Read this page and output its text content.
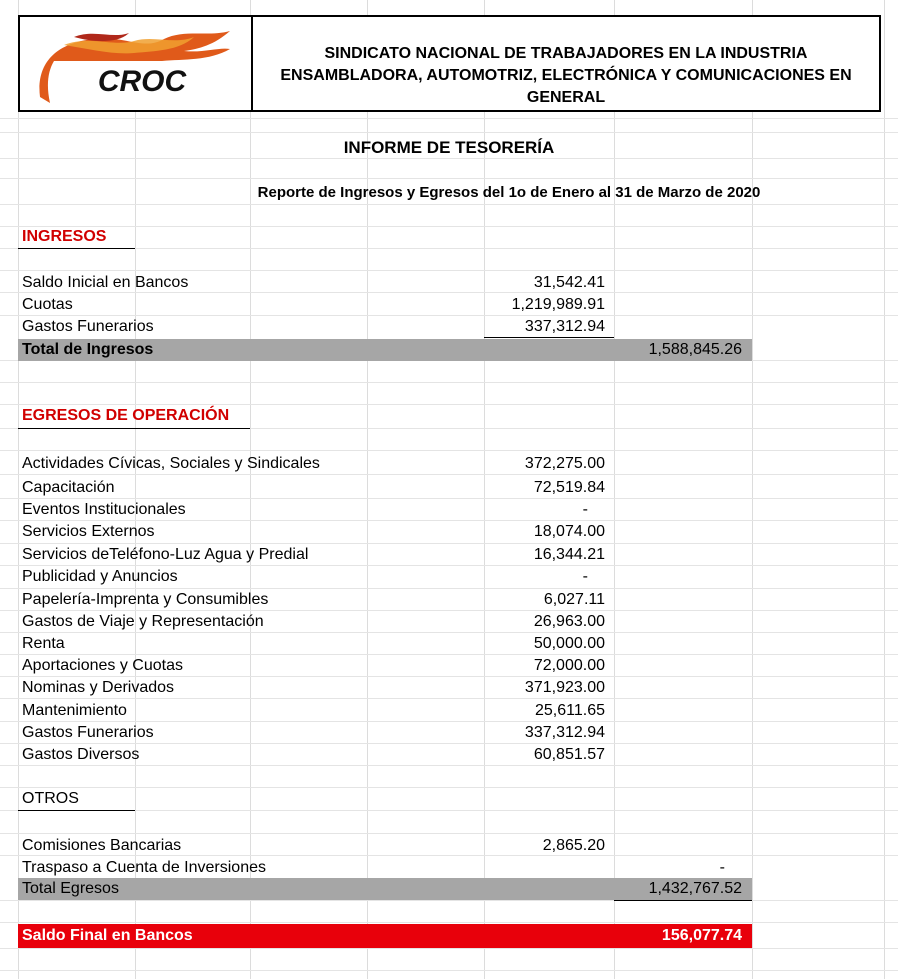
CROC
SINDICATO NACIONAL DE TRABAJADORES EN LA INDUSTRIA
ENSAMBLADORA, AUTOMOTRIZ, ELECTRÓNICA Y COMUNICACIONES EN
GENERAL
INFORME DE TESORERÍA
Reporte de Ingresos y Egresos del 1o de Enero al 31 de Marzo de 2020
INGRESOS
Saldo Inicial en Bancos	31,542.41
Cuotas	1,219,989.91
Gastos Funerarios	337,312.94
Total de Ingresos	1,588,845.26
EGRESOS DE OPERACIÓN
Actividades Cívicas, Sociales y Sindicales	372,275.00
Capacitación	72,519.84
Eventos Institucionales	-
Servicios Externos	18,074.00
Servicios deTeléfono-Luz Agua y Predial	16,344.21
Publicidad y Anuncios	-
Papelería-Imprenta y Consumibles	6,027.11
Gastos de Viaje y Representación	26,963.00
Renta	50,000.00
Aportaciones y Cuotas	72,000.00
Nominas y Derivados	371,923.00
Mantenimiento	25,611.65
Gastos Funerarios	337,312.94
Gastos Diversos	60,851.57
OTROS
Comisiones Bancarias	2,865.20
Traspaso a Cuenta de Inversiones	-
Total Egresos	1,432,767.52
Saldo Final en Bancos	156,077.74
